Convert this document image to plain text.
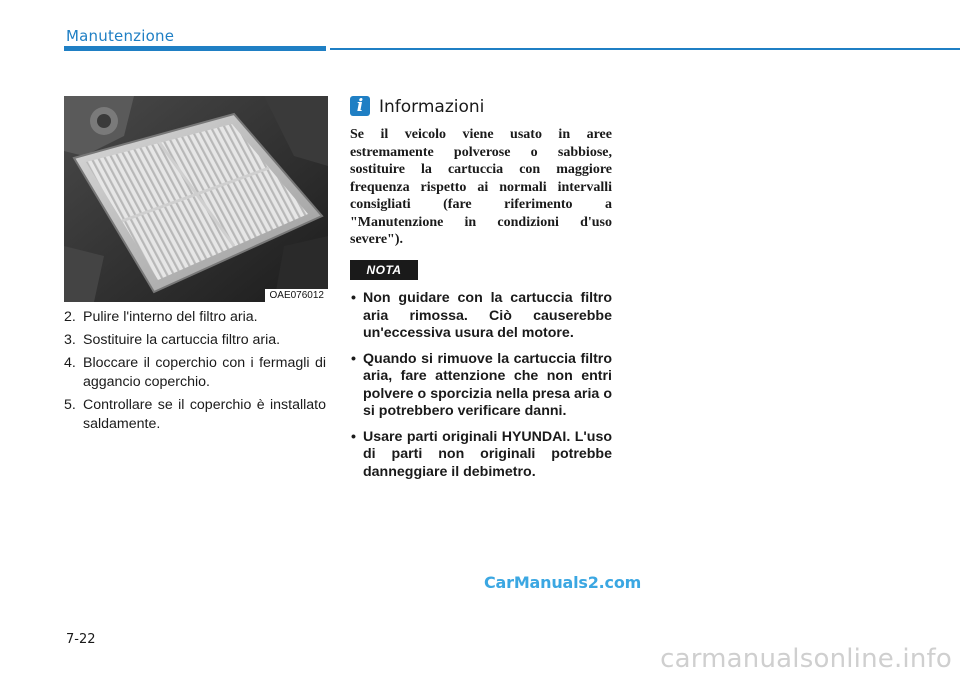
Manutenzione
OAE076012
2. Pulire l'interno del filtro aria.
3. Sostituire la cartuccia filtro aria.
4. Bloccare il coperchio con i fermagli di aggancio coperchio.
5. Controllare se il coperchio è installato saldamente.
i Informazioni
Se il veicolo viene usato in aree estremamente polverose o sabbiose, sostituire la cartuccia con maggiore frequenza rispetto ai normali intervalli consigliati (fare riferimento a "Manutenzione in condizioni d'uso severe").
NOTA
• Non guidare con la cartuccia filtro aria rimossa. Ciò causerebbe un'eccessiva usura del motore.
• Quando si rimuove la cartuccia filtro aria, fare attenzione che non entri polvere o sporcizia nella presa aria o si potrebbero verificare danni.
• Usare parti originali HYUNDAI. L'uso di parti non originali potrebbe danneggiare il debimetro.
CarManuals2.com
7-22
carmanualsonline.info
